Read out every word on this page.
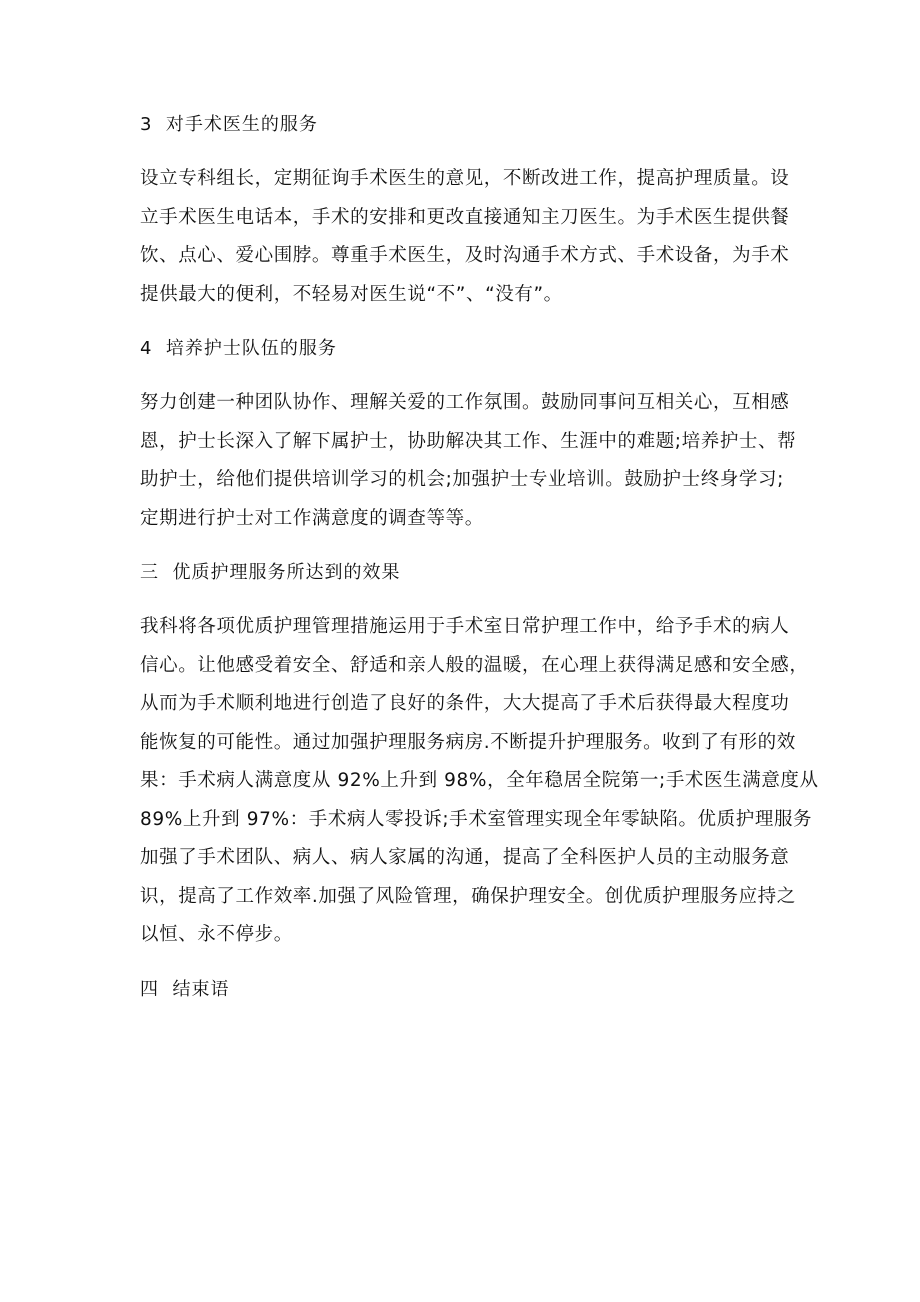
3  对手术医生的服务
设立专科组长，定期征询手术医生的意见，不断改进工作，提高护理质量。设
立手术医生电话本，手术的安排和更改直接通知主刀医生。为手术医生提供餐
饮、点心、爱心围脖。尊重手术医生，及时沟通手术方式、手术设备，为手术
提供最大的便利，不轻易对医生说“不”、“没有”。
4  培养护士队伍的服务
努力创建一种团队协作、理解关爱的工作氛围。鼓励同事问互相关心，互相感
恩，护士长深入了解下属护士，协助解决其工作、生涯中的难题;培养护士、帮
助护士，给他们提供培训学习的机会;加强护士专业培训。鼓励护士终身学习;
定期进行护士对工作满意度的调查等等。
三  优质护理服务所达到的效果
我科将各项优质护理管理措施运用于手术室日常护理工作中，给予手术的病人
信心。让他感受着安全、舒适和亲人般的温暖，在心理上获得满足感和安全感，
从而为手术顺利地进行创造了良好的条件，大大提高了手术后获得最大程度功
能恢复的可能性。通过加强护理服务病房.不断提升护理服务。收到了有形的效
果：手术病人满意度从 92%上升到 98%，全年稳居全院第一;手术医生满意度从
89%上升到 97%：手术病人零投诉;手术室管理实现全年零缺陷。优质护理服务
加强了手术团队、病人、病人家属的沟通，提高了全科医护人员的主动服务意
识，提高了工作效率.加强了风险管理，确保护理安全。创优质护理服务应持之
以恒、永不停步。
四  结束语
